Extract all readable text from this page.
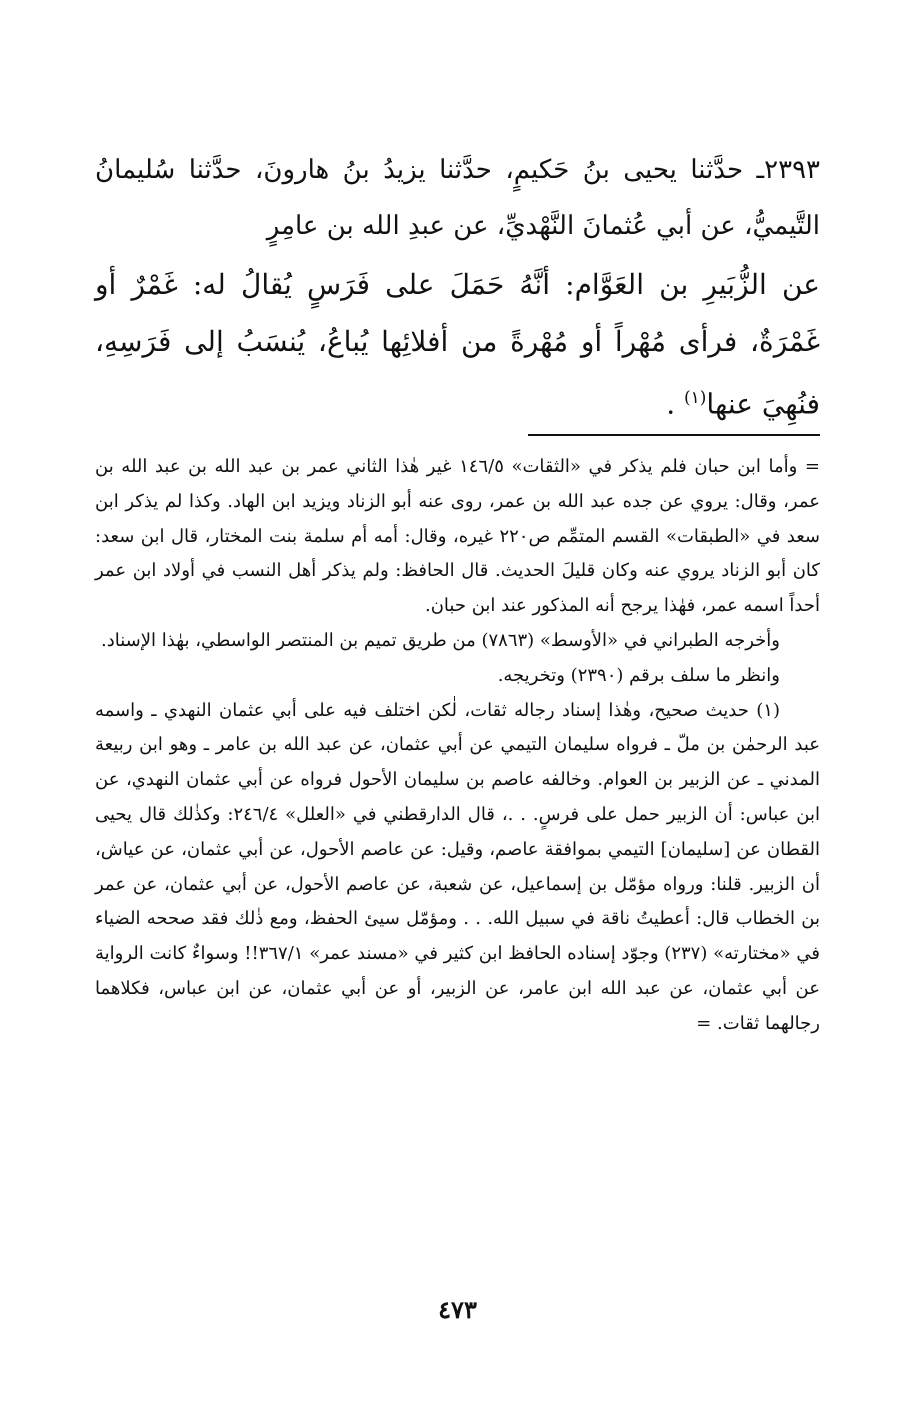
٢٣٩٣ـ حدَّثنا يحيى بنُ حَكيمٍ، حدَّثنا يزيدُ بنُ هارونَ، حدَّثنا سُليمانُ التَّيميُّ، عن أبي عُثمانَ النَّهْديِّ، عن عبدِ الله بن عامِرٍ

عن الزُّبَيرِ بن العَوَّام: أنَّهُ حَمَلَ على فَرَسٍ يُقالُ له: غَمْرٌ أو غَمْرَةٌ، فرأى مُهْراً أو مُهْرةً من أفلائِها يُباعُ، يُنسَبُ إلى فَرَسِهِ، فنُهِيَ عنها$^{(١)}$ .

= وأما ابن حبان فلم يذكر في «الثقات» ١٤٦/٥ غير هٰذا الثاني عمر بن عبد الله بن عبد الله بن عمر، وقال: يروي عن جده عبد الله بن عمر، روى عنه أبو الزناد ويزيد ابن الهاد. وكذا لم يذكر ابن سعد في «الطبقات» القسم المتمِّم ص٢٢٠ غيره، وقال: أمه أم سلمة بنت المختار، قال ابن سعد: كان أبو الزناد يروي عنه وكان قليلَ الحديث. قال الحافظ: ولم يذكر أهل النسب في أولاد ابن عمر أحداً اسمه عمر، فهٰذا يرجح أنه المذكور عند ابن حبان.

وأخرجه الطبراني في «الأوسط» (٧٨٦٣) من طريق تميم بن المنتصر الواسطي، بهٰذا الإسناد.

وانظر ما سلف برقم (٢٣٩٠) وتخريجه.

(١) حديث صحيح، وهٰذا إسناد رجاله ثقات، لٰكن اختلف فيه على أبي عثمان النهدي ـ واسمه عبد الرحمٰن بن ملّ ـ فرواه سليمان التيمي عن أبي عثمان، عن عبد الله بن عامر ـ وهو ابن ربيعة المدني ـ عن الزبير بن العوام. وخالفه عاصم بن سليمان الأحول فرواه عن أبي عثمان النهدي، عن ابن عباس: أن الزبير حمل على فرسٍ. . .، قال الدارقطني في «العلل» ٢٤٦/٤: وكذٰلك قال يحيى القطان عن [سليمان] التيمي بموافقة عاصم، وقيل: عن عاصم الأحول، عن أبي عثمان، عن عياش، أن الزبير. قلنا: ورواه مؤمّل بن إسماعيل، عن شعبة، عن عاصم الأحول، عن أبي عثمان، عن عمر بن الخطاب قال: أعطيتُ ناقة في سبيل الله. . . ومؤمّل سيئ الحفظ، ومع ذٰلك فقد صححه الضياء في «مختارته» (٢٣٧) وجوّد إسناده الحافظ ابن كثير في «مسند عمر» ٣٦٧/١!! وسواءٌ كانت الرواية عن أبي عثمان، عن عبد الله ابن عامر، عن الزبير، أو عن أبي عثمان، عن ابن عباس، فكلاهما رجالهما ثقات. =

٤٧٣
